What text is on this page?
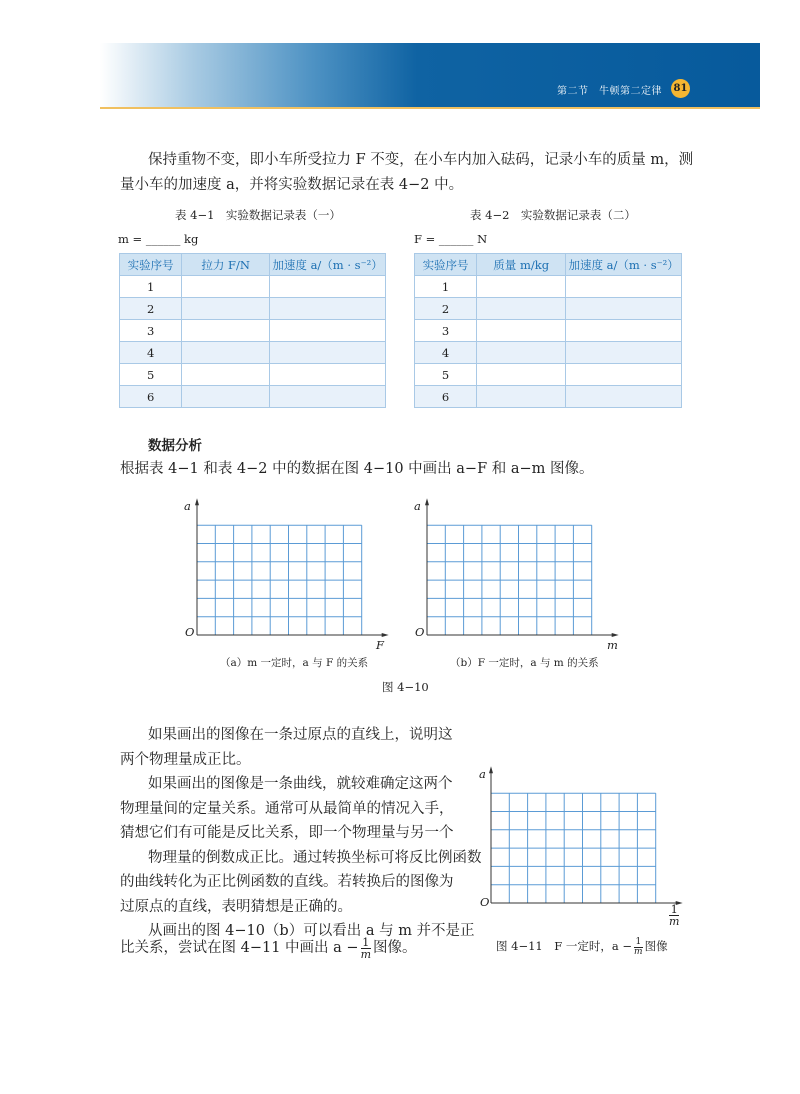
第二节　牛顿第二定律 81
保持重物不变，即小车所受拉力 F 不变，在小车内加入砝码，记录小车的质量 m，测
量小车的加速度 a，并将实验数据记录在表 4−2 中。
表 4−1　实验数据记录表（一）
m = ______ kg
实验序号	拉力 F/N	加速度 a/（m · s⁻²）
1		
2		
3		
4		
5		
6		
表 4−2　实验数据记录表（二）
F = ______ N
实验序号	质量 m/kg	加速度 a/（m · s⁻²）
1		
2		
3		
4		
5		
6		
数据分析
根据表 4−1 和表 4−2 中的数据在图 4−10 中画出 a−F 和 a−m 图像。
a
O
F
（a）m 一定时，a 与 F 的关系
a
O
m
（b）F 一定时，a 与 m 的关系
图 4−10
如果画出的图像在一条过原点的直线上，说明这
两个物理量成正比。
如果画出的图像是一条曲线，就较难确定这两个
物理量间的定量关系。通常可从最简单的情况入手，
猜想它们有可能是反比关系，即一个物理量与另一个
物理量的倒数成正比。通过转换坐标可将反比例函数
的曲线转化为正比例函数的直线。若转换后的图像为
过原点的直线，表明猜想是正确的。
从画出的图 4−10（b）可以看出 a 与 m 并不是正
比关系，尝试在图 4−11 中画出 $a - \frac{1}{m}$ 图像。
a
O
$\frac{1}{m}$
图 4−11　F 一定时，$a - \frac{1}{m}$ 图像
